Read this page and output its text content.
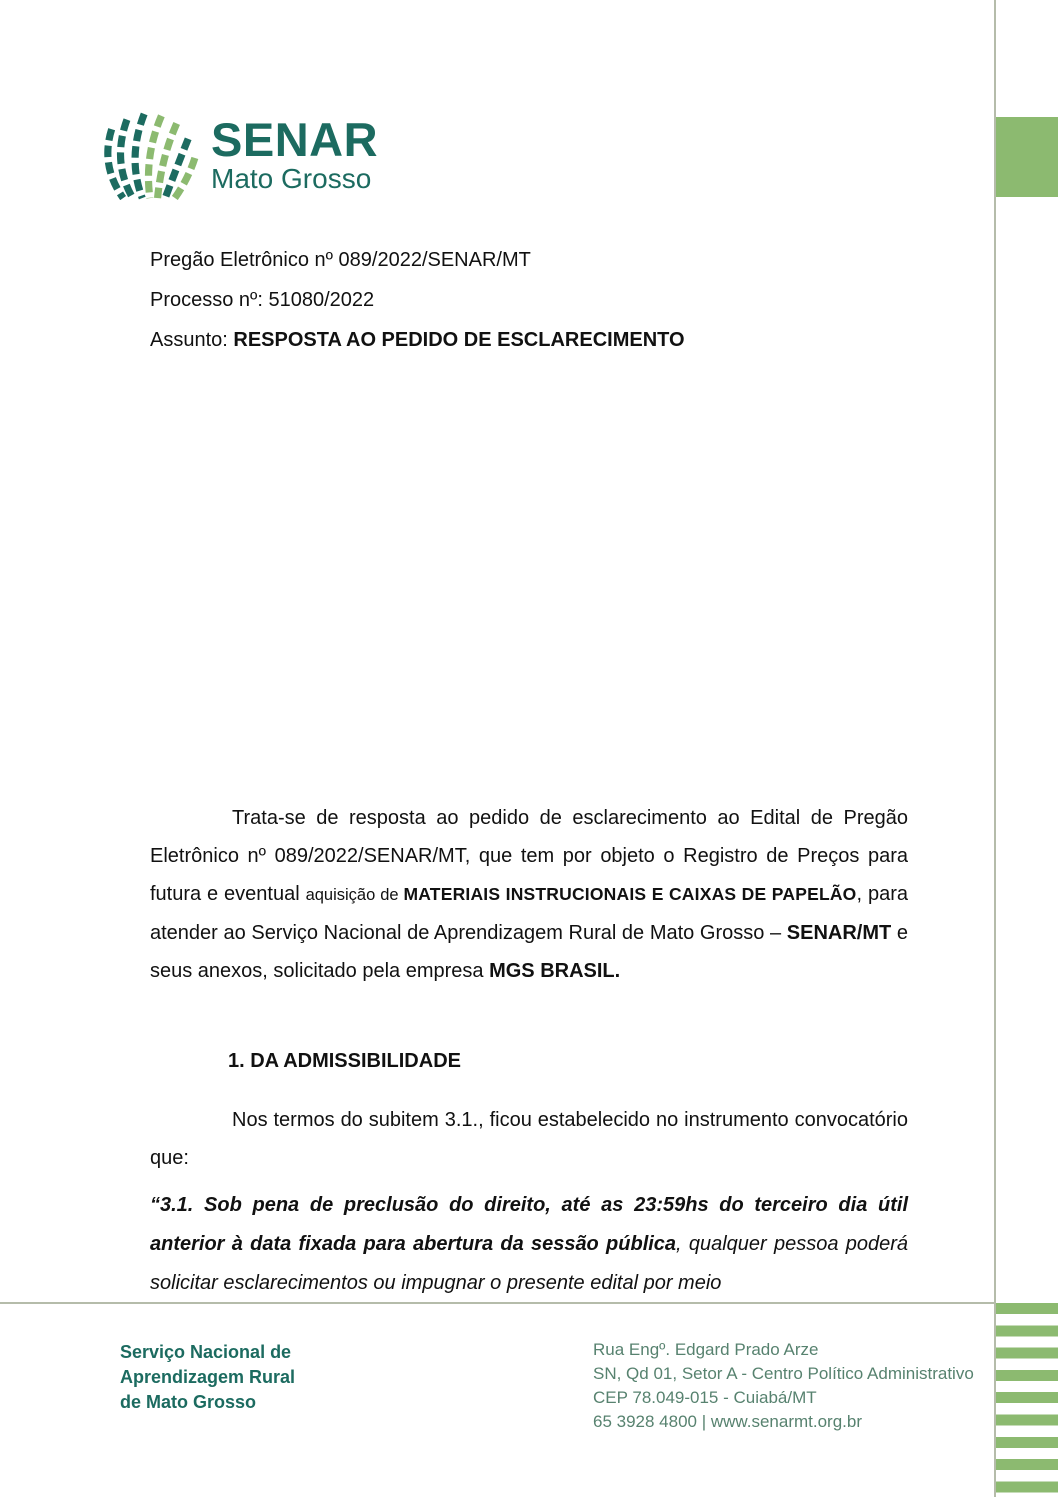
SENAR
Mato Grosso
Pregão Eletrônico nº 089/2022/SENAR/MT
Processo nº: 51080/2022
Assunto: RESPOSTA AO PEDIDO DE ESCLARECIMENTO

Trata-se de resposta ao pedido de esclarecimento ao Edital de Pregão Eletrônico nº 089/2022/SENAR/MT, que tem por objeto o Registro de Preços para futura e eventual aquisição de MATERIAIS INSTRUCIONAIS E CAIXAS DE PAPELÃO, para atender ao Serviço Nacional de Aprendizagem Rural de Mato Grosso – SENAR/MT e seus anexos, solicitado pela empresa MGS BRASIL.

1. DA ADMISSIBILIDADE

Nos termos do subitem 3.1., ficou estabelecido no instrumento convocatório que:

“3.1. Sob pena de preclusão do direito, até as 23:59hs do terceiro dia útil anterior à data fixada para abertura da sessão pública, qualquer pessoa poderá solicitar esclarecimentos ou impugnar o presente edital por meio

Serviço Nacional de
Aprendizagem Rural
de Mato Grosso
Rua Engº. Edgard Prado Arze
SN, Qd 01, Setor A - Centro Político Administrativo
CEP 78.049-015 - Cuiabá/MT
65 3928 4800 | www.senarmt.org.br
